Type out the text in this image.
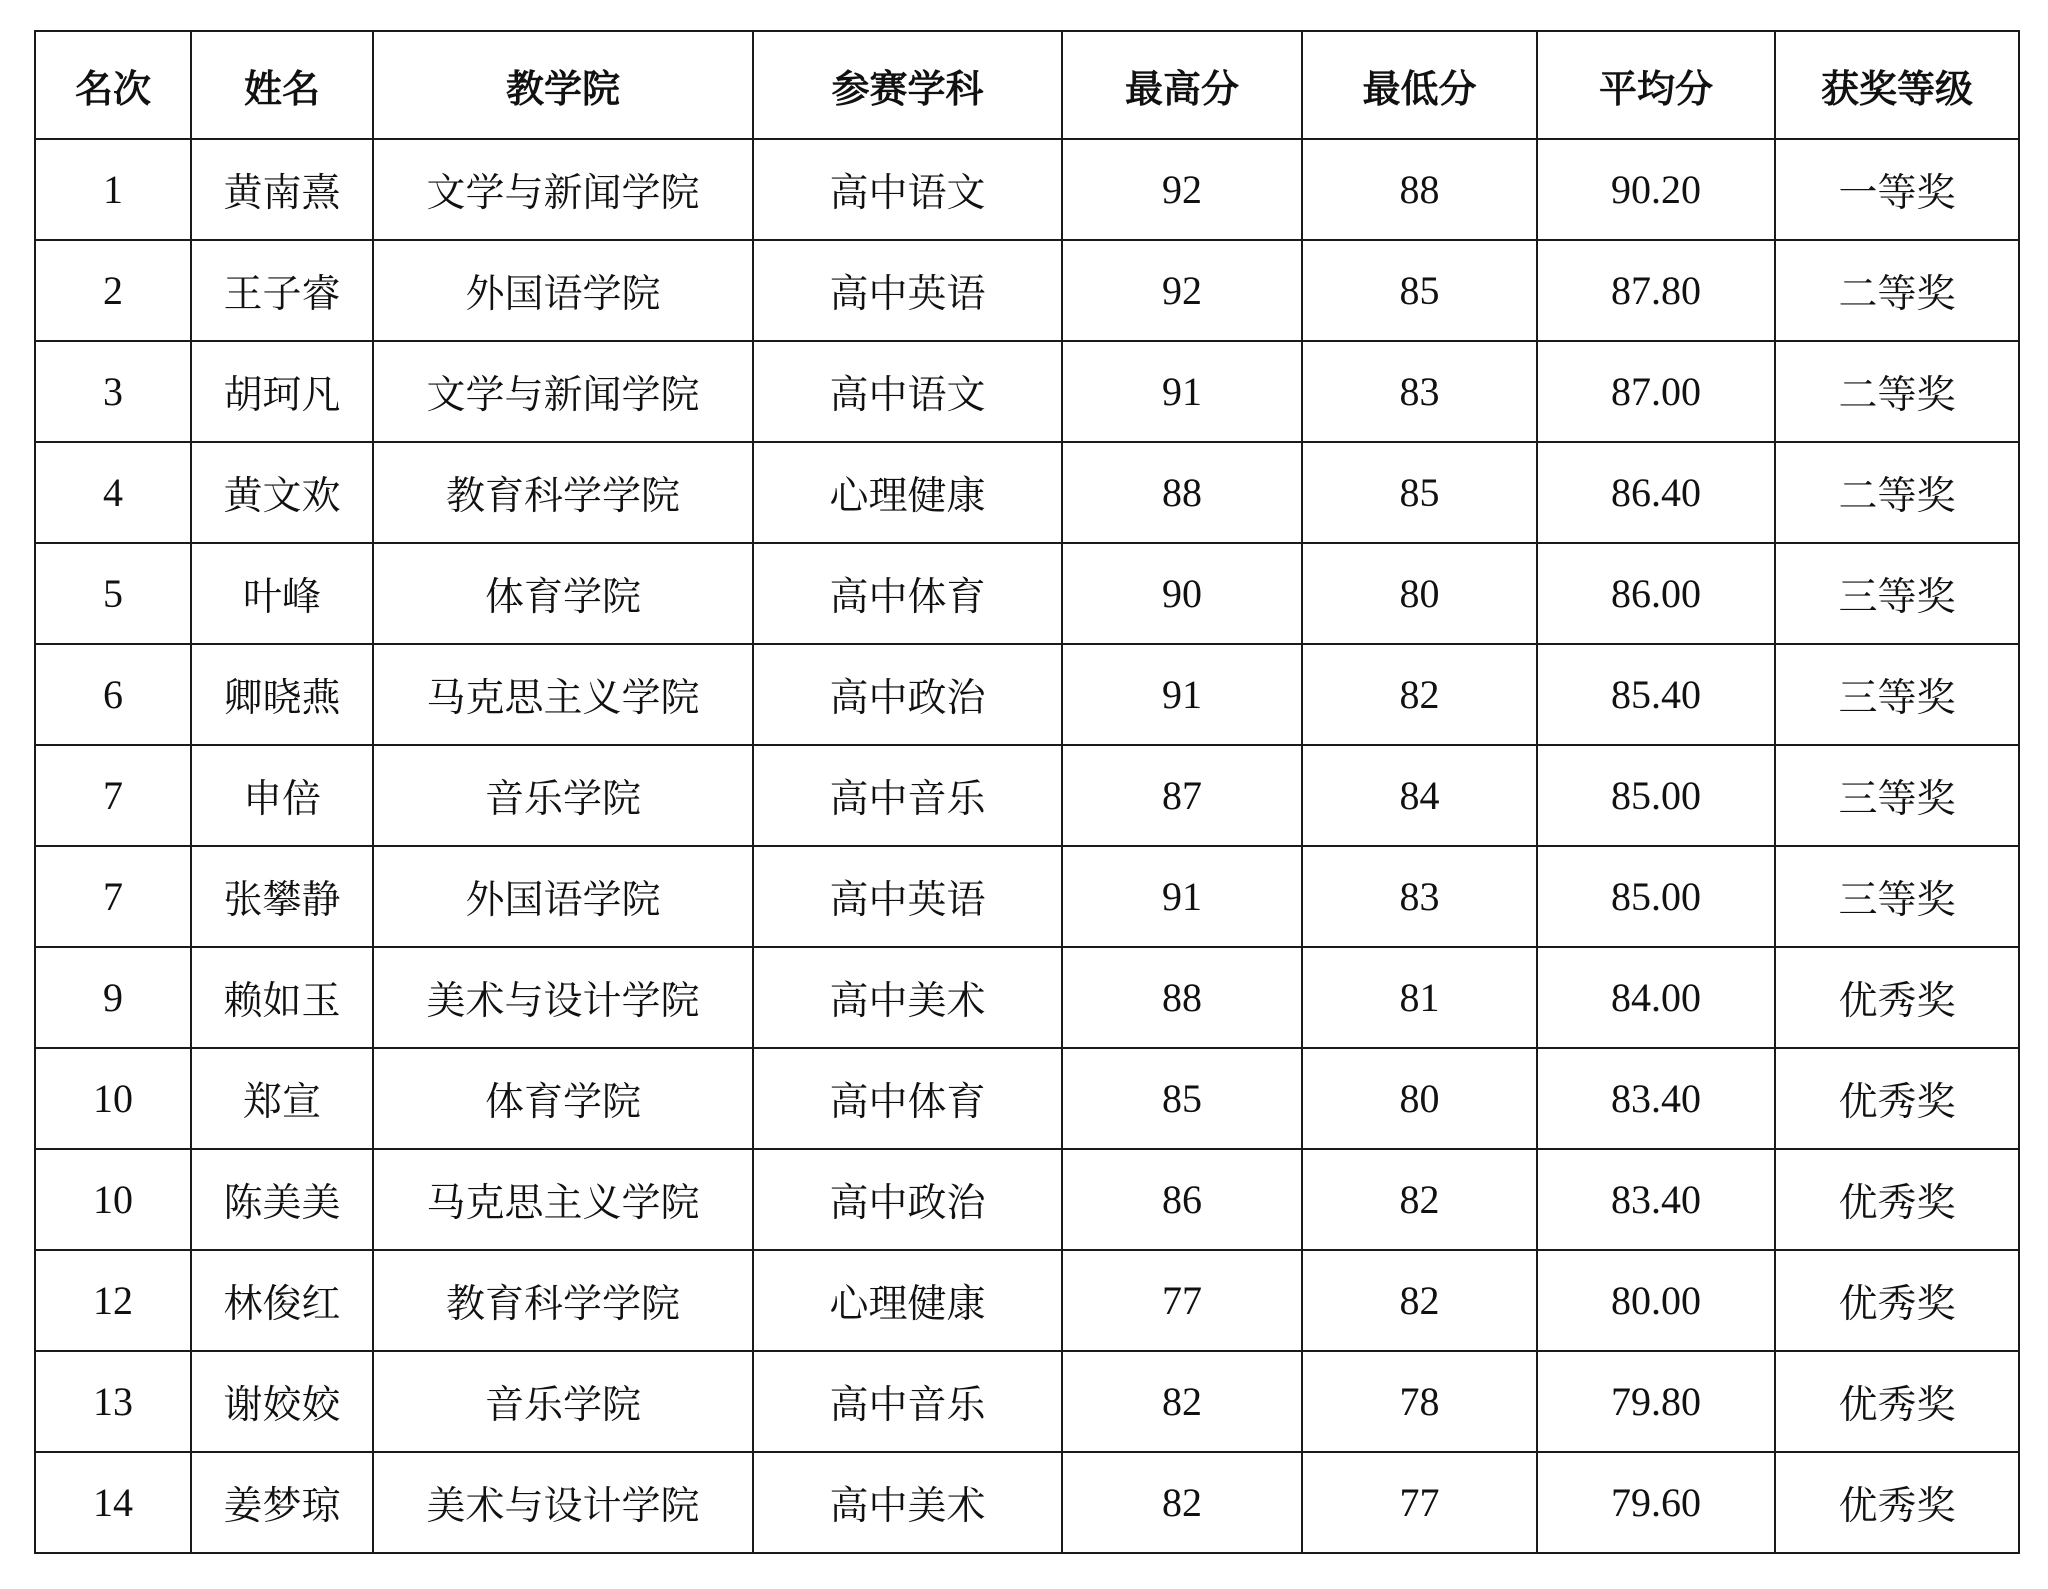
名次	姓名	教学院	参赛学科	最高分	最低分	平均分	获奖等级
1	黄南熹	文学与新闻学院	高中语文	92	88	90.20	一等奖
2	王子睿	外国语学院	高中英语	92	85	87.80	二等奖
3	胡珂凡	文学与新闻学院	高中语文	91	83	87.00	二等奖
4	黄文欢	教育科学学院	心理健康	88	85	86.40	二等奖
5	叶峰	体育学院	高中体育	90	80	86.00	三等奖
6	卿晓燕	马克思主义学院	高中政治	91	82	85.40	三等奖
7	申倍	音乐学院	高中音乐	87	84	85.00	三等奖
7	张攀静	外国语学院	高中英语	91	83	85.00	三等奖
9	赖如玉	美术与设计学院	高中美术	88	81	84.00	优秀奖
10	郑宣	体育学院	高中体育	85	80	83.40	优秀奖
10	陈美美	马克思主义学院	高中政治	86	82	83.40	优秀奖
12	林俊红	教育科学学院	心理健康	77	82	80.00	优秀奖
13	谢姣姣	音乐学院	高中音乐	82	78	79.80	优秀奖
14	姜梦琼	美术与设计学院	高中美术	82	77	79.60	优秀奖
